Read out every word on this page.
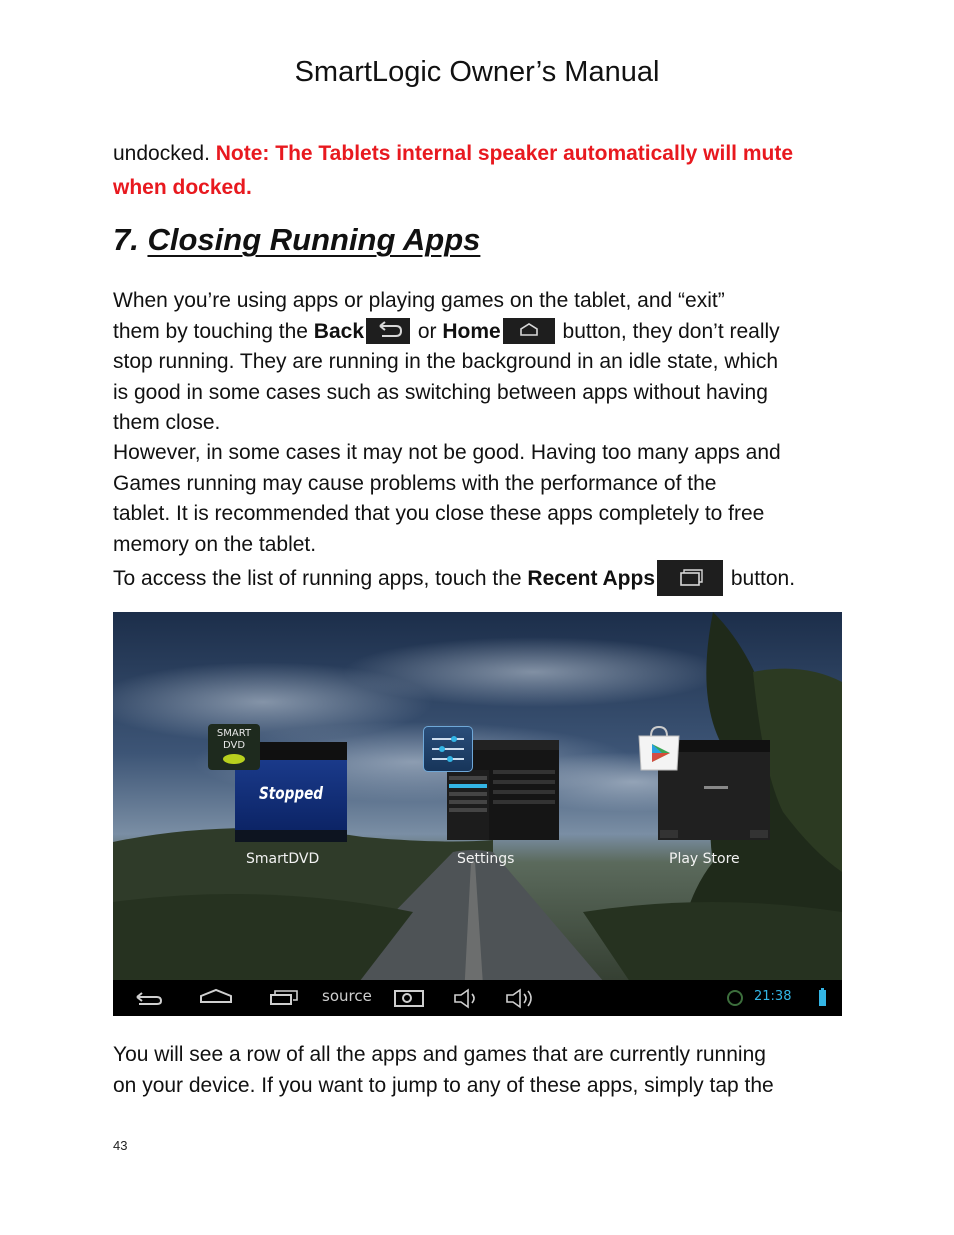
SmartLogic Owner’s Manual
undocked. Note: The Tablets internal speaker automatically will mute
when docked.
7. Closing Running Apps
When you’re using apps or playing games on the tablet, and “exit”
them by touching the Back
or Home	button, they don’t really
stop running. They are running in the background in an idle state, which
is good in some cases such as switching between apps without having
them close.
However, in some cases it may not be good. Having too many apps and
Games running may cause problems with the performance of the
tablet. It is recommended that you close these apps completely to free
memory on the tablet.
To access the list of running apps, touch the Recent Apps	button.
Stopped
SMART
DVD
SmartDVD	Settings	Play Store
source	21:38
You will see a row of all the apps and games that are currently running
on your device. If you want to jump to any of these apps, simply tap the
43
